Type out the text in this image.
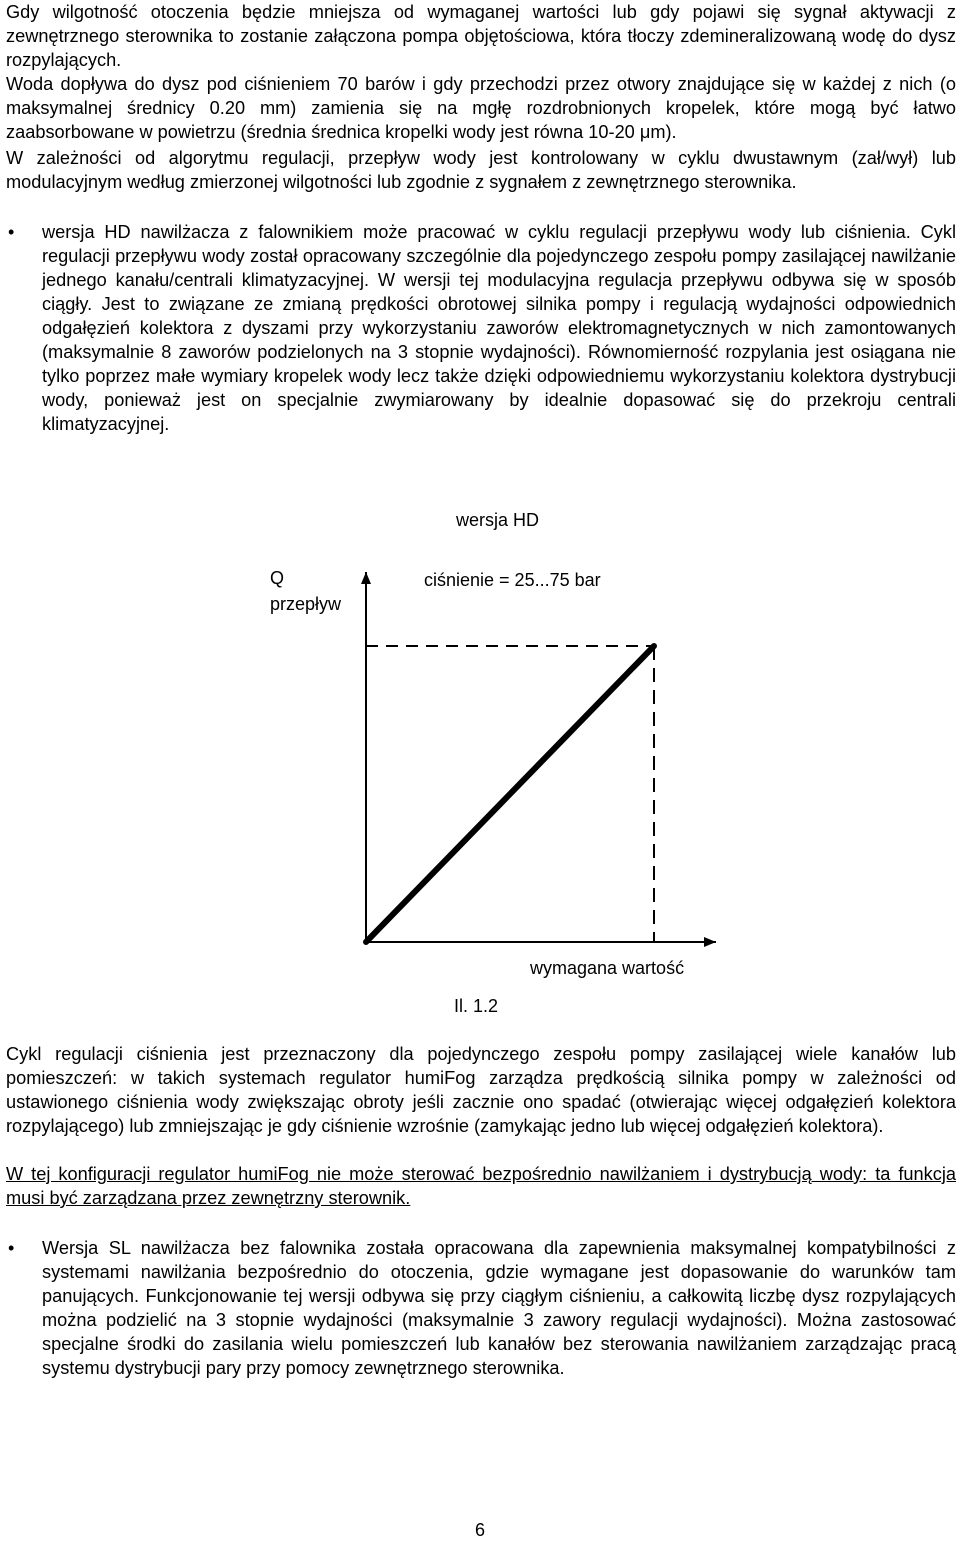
Gdy wilgotność otoczenia będzie mniejsza od wymaganej wartości lub gdy pojawi się sygnał aktywacji z zewnętrznego sterownika to zostanie załączona pompa objętościowa, która tłoczy zdemineralizowaną wodę do dysz rozpylających.

Woda dopływa do dysz pod ciśnieniem 70 barów i gdy przechodzi przez otwory znajdujące się w każdej z nich (o maksymalnej średnicy 0.20 mm) zamienia się na mgłę rozdrobnionych kropelek, które mogą być łatwo zaabsorbowane w powietrzu (średnia średnica kropelki wody jest równa 10-20 μm).

W zależności od algorytmu regulacji, przepływ wody jest kontrolowany w cyklu dwustawnym (zał/wył) lub modulacyjnym według zmierzonej wilgotności lub zgodnie z sygnałem z zewnętrznego sterownika.

• wersja HD nawilżacza z falownikiem może pracować w cyklu regulacji przepływu wody lub ciśnienia. Cykl regulacji przepływu wody został opracowany szczególnie dla pojedynczego zespołu pompy zasilającej nawilżanie jednego kanału/centrali klimatyzacyjnej. W wersji tej modulacyjna regulacja przepływu odbywa się w sposób ciągły. Jest to związane ze zmianą prędkości obrotowej silnika pompy i regulacją wydajności odpowiednich odgałęzień kolektora z dyszami przy wykorzystaniu zaworów elektromagnetycznych w nich zamontowanych (maksymalnie 8 zaworów podzielonych na 3 stopnie wydajności). Równomierność rozpylania jest osiągana nie tylko poprzez małe wymiary kropelek wody lecz także dzięki odpowiedniemu wykorzystaniu kolektora dystrybucji wody, ponieważ jest on specjalnie zwymiarowany by idealnie dopasować się do przekroju centrali klimatyzacyjnej.

wersja HD
Q
przepływ
ciśnienie = 25...75 bar
wymagana wartość
Il. 1.2

Cykl regulacji ciśnienia jest przeznaczony dla pojedynczego zespołu pompy zasilającej wiele kanałów lub pomieszczeń: w takich systemach regulator humiFog zarządza prędkością silnika pompy w zależności od ustawionego ciśnienia wody zwiększając obroty jeśli zacznie ono spadać (otwierając więcej odgałęzień kolektora rozpylającego) lub zmniejszając je gdy ciśnienie wzrośnie (zamykając jedno lub więcej odgałęzień kolektora).

W tej konfiguracji regulator humiFog nie może sterować bezpośrednio nawilżaniem i dystrybucją wody: ta funkcja musi być zarządzana przez zewnętrzny sterownik.

• Wersja SL nawilżacza bez falownika została opracowana dla zapewnienia maksymalnej kompatybilności z systemami nawilżania bezpośrednio do otoczenia, gdzie wymagane jest dopasowanie do warunków tam panujących. Funkcjonowanie tej wersji odbywa się przy ciągłym ciśnieniu, a całkowitą liczbę dysz rozpylających można podzielić na 3 stopnie wydajności (maksymalnie 3 zawory regulacji wydajności). Można zastosować specjalne środki do zasilania wielu pomieszczeń lub kanałów bez sterowania nawilżaniem zarządzając pracą systemu dystrybucji pary przy pomocy zewnętrznego sterownika.

6
